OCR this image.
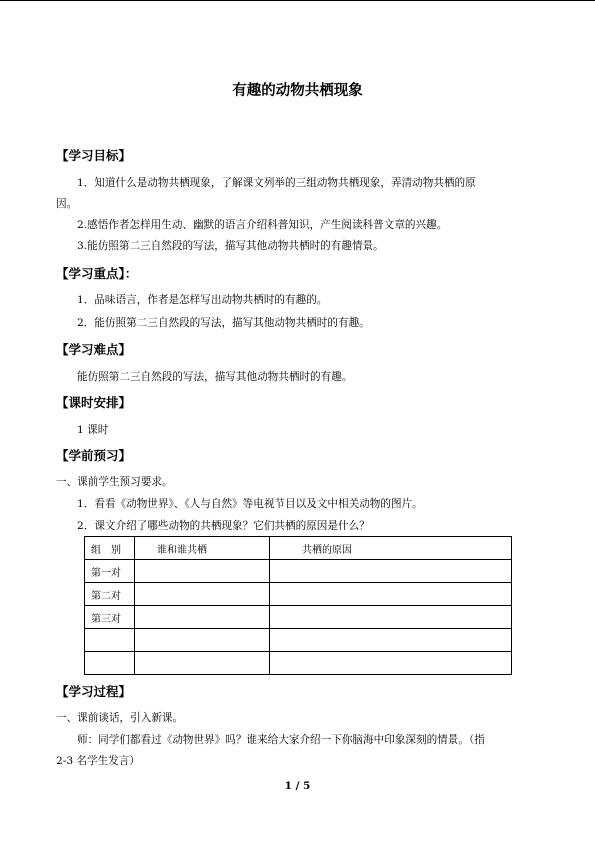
有趣的动物共栖现象
【学习目标】
1．知道什么是动物共栖现象，了解课文列举的三组动物共栖现象，弄清动物共栖的原
因。
2.感悟作者怎样用生动、幽默的语言介绍科普知识，产生阅读科普文章的兴趣。
3.能仿照第二三自然段的写法，描写其他动物共栖时的有趣情景。
【学习重点】：
1．品味语言，作者是怎样写出动物共栖时的有趣的。
2．能仿照第二三自然段的写法，描写其他动物共栖时的有趣。
【学习难点】
能仿照第二三自然段的写法，描写其他动物共栖时的有趣。
【课时安排】
1 课时
【学前预习】
一、课前学生预习要求。
1．看看《动物世界》、《人与自然》等电视节目以及文中相关动物的图片。
2．课文介绍了哪些动物的共栖现象？它们共栖的原因是什么？
组　别	谁和谁共栖	共栖的原因
第一对		
第二对		
第三对		

【学习过程】
一、课前谈话，引入新课。
师：同学们都看过《动物世界》吗？谁来给大家介绍一下你脑海中印象深刻的情景。（指
2-3 名学生发言）
1 / 5
